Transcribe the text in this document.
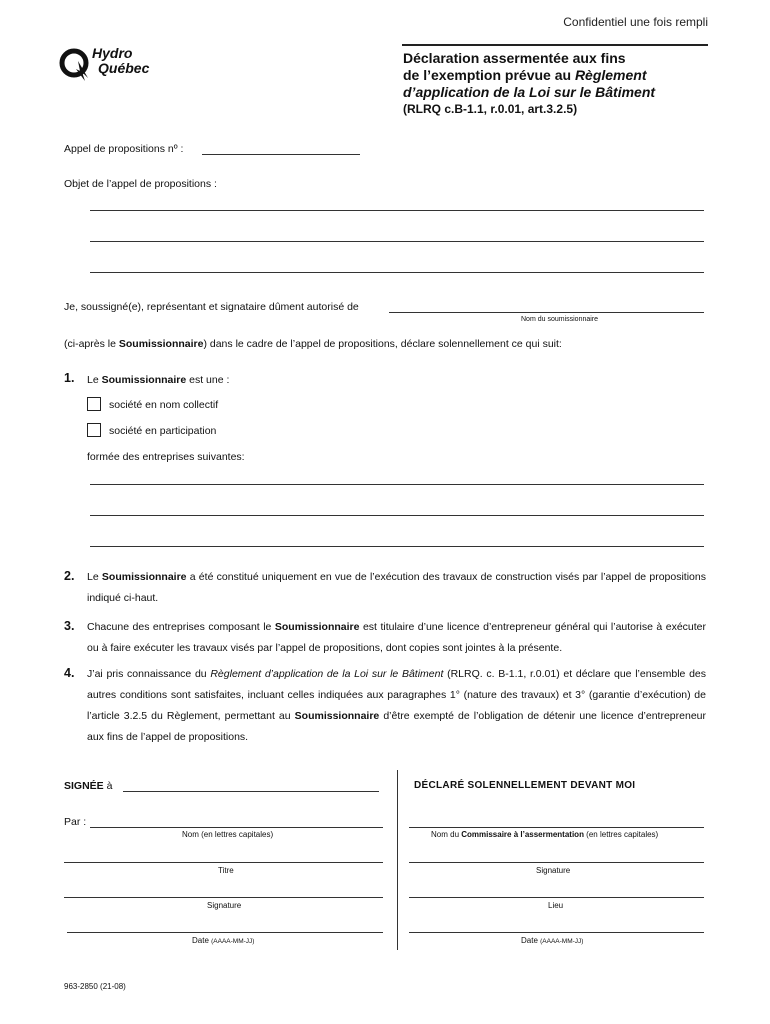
Confidentiel une fois rempli
Hydro
Québec
Déclaration assermentée aux fins
de l’exemption prévue au Règlement
d’application de la Loi sur le Bâtiment
(RLRQ c.B-1.1, r.0.01, art.3.2.5)
Appel de propositions nº :
Objet de l’appel de propositions :
Je, soussigné(e), représentant et signataire dûment autorisé de
Nom du soumissionnaire
(ci-après le Soumissionnaire) dans le cadre de l’appel de propositions, déclare solennellement ce qui suit:
1. Le Soumissionnaire est une :
société en nom collectif
société en participation
formée des entreprises suivantes:
2. Le Soumissionnaire a été constitué uniquement en vue de l’exécution des travaux de construction visés par l’appel de propositions indiqué ci-haut.
3. Chacune des entreprises composant le Soumissionnaire est titulaire d’une licence d’entrepreneur général qui l’autorise à exécuter ou à faire exécuter les travaux visés par l’appel de propositions, dont copies sont jointes à la présente.
4. J’ai pris connaissance du Règlement d’application de la Loi sur le Bâtiment (RLRQ. c. B-1.1, r.0.01) et déclare que l’ensemble des autres conditions sont satisfaites, incluant celles indiquées aux paragraphes 1° (nature des travaux) et 3° (garantie d’exécution) de l’article 3.2.5 du Règlement, permettant au Soumissionnaire d’être exempté de l’obligation de détenir une licence d’entrepreneur aux fins de l’appel de propositions.
SIGNÉE à
Par :
Nom (en lettres capitales)
Titre
Signature
Date (AAAA-MM-JJ)
DÉCLARÉ SOLENNELLEMENT DEVANT MOI
Nom du Commissaire à l’assermentation (en lettres capitales)
Signature
Lieu
Date (AAAA-MM-JJ)
963-2850 (21-08)
